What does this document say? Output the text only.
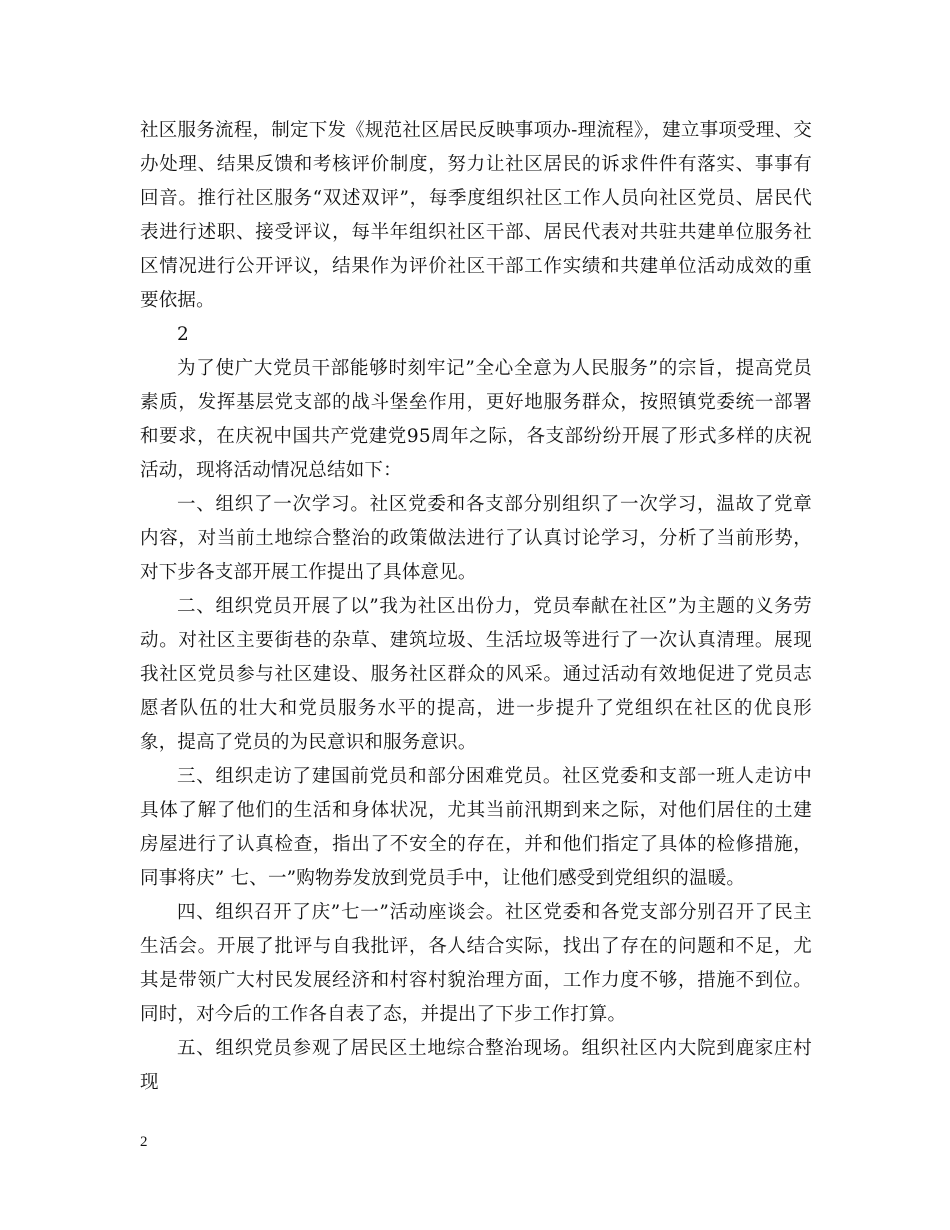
社区服务流程，制定下发《规范社区居民反映事项办-理流程》，建立事项受理、交办处理、结果反馈和考核评价制度，努力让社区居民的诉求件件有落实、事事有回音。推行社区服务“双述双评”，每季度组织社区工作人员向社区党员、居民代表进行述职、接受评议，每半年组织社区干部、居民代表对共驻共建单位服务社区情况进行公开评议，结果作为评价社区干部工作实绩和共建单位活动成效的重要依据。

2

为了使广大党员干部能够时刻牢记”全心全意为人民服务”的宗旨，提高党员素质，发挥基层党支部的战斗堡垒作用，更好地服务群众，按照镇党委统一部署和要求，在庆祝中国共产党建党95周年之际，各支部纷纷开展了形式多样的庆祝活动，现将活动情况总结如下：

一、组织了一次学习。社区党委和各支部分别组织了一次学习，温故了党章内容，对当前土地综合整治的政策做法进行了认真讨论学习，分析了当前形势，对下步各支部开展工作提出了具体意见。

二、组织党员开展了以”我为社区出份力，党员奉献在社区”为主题的义务劳动。对社区主要街巷的杂草、建筑垃圾、生活垃圾等进行了一次认真清理。展现我社区党员参与社区建设、服务社区群众的风采。通过活动有效地促进了党员志愿者队伍的壮大和党员服务水平的提高，进一步提升了党组织在社区的优良形象，提高了党员的为民意识和服务意识。

三、组织走访了建国前党员和部分困难党员。社区党委和支部一班人走访中具体了解了他们的生活和身体状况，尤其当前汛期到来之际，对他们居住的土建房屋进行了认真检查，指出了不安全的存在，并和他们指定了具体的检修措施，同事将庆” 七、一”购物券发放到党员手中，让他们感受到党组织的温暖。

四、组织召开了庆”七一”活动座谈会。社区党委和各党支部分别召开了民主生活会。开展了批评与自我批评，各人结合实际，找出了存在的问题和不足，尤其是带领广大村民发展经济和村容村貌治理方面，工作力度不够，措施不到位。同时，对今后的工作各自表了态，并提出了下步工作打算。

五、组织党员参观了居民区土地综合整治现场。组织社区内大院到鹿家庄村现

2
